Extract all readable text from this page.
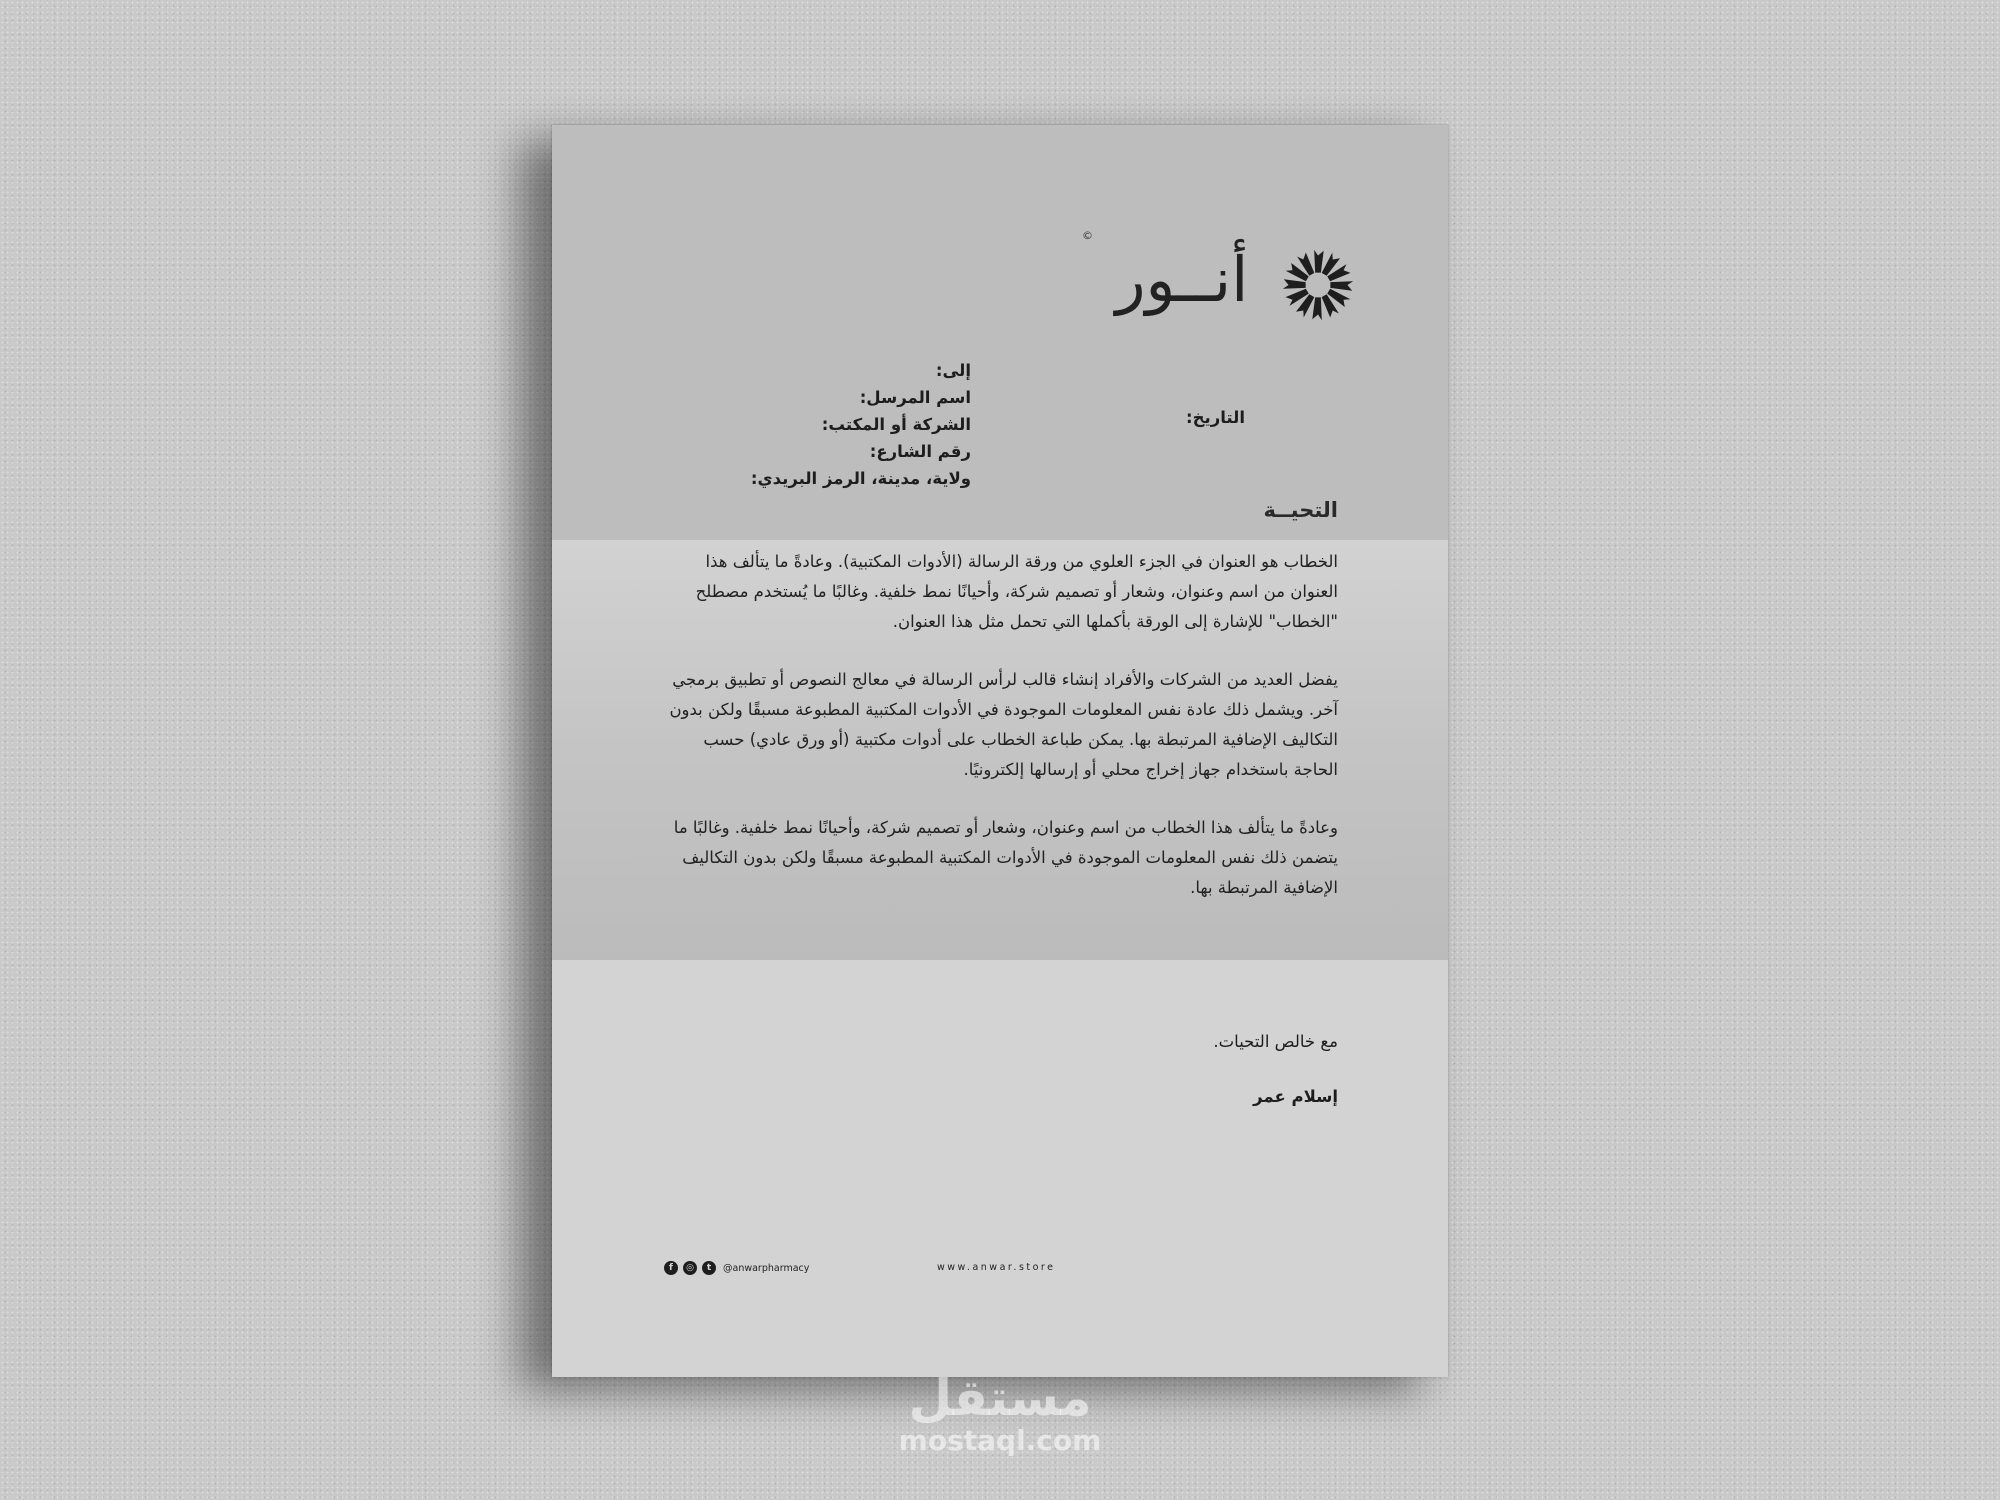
©
أنــور
إلى:
اسم المرسل:
الشركة أو المكتب:
رقم الشارع:
ولاية، مدينة، الرمز البريدي:
التاريخ:
التحيــة

الخطاب هو العنوان في الجزء العلوي من ورقة الرسالة (الأدوات المكتبية). وعادةً ما يتألف هذا العنوان من اسم وعنوان، وشعار أو تصميم شركة، وأحيانًا نمط خلفية. وغالبًا ما يُستخدم مصطلح "الخطاب" للإشارة إلى الورقة بأكملها التي تحمل مثل هذا العنوان.

يفضل العديد من الشركات والأفراد إنشاء قالب لرأس الرسالة في معالج النصوص أو تطبيق برمجي آخر. ويشمل ذلك عادة نفس المعلومات الموجودة في الأدوات المكتبية المطبوعة مسبقًا ولكن بدون التكاليف الإضافية المرتبطة بها. يمكن طباعة الخطاب على أدوات مكتبية (أو ورق عادي) حسب الحاجة باستخدام جهاز إخراج محلي أو إرسالها إلكترونيًا.

وعادةً ما يتألف هذا الخطاب من اسم وعنوان، وشعار أو تصميم شركة، وأحيانًا نمط خلفية. وغالبًا ما يتضمن ذلك نفس المعلومات الموجودة في الأدوات المكتبية المطبوعة مسبقًا ولكن بدون التكاليف الإضافية المرتبطة بها.

مع خالص التحيات.
إسلام عمر
f	◎	t	@anwarpharmacy	www.anwar.store
مستقل
mostaql.com
